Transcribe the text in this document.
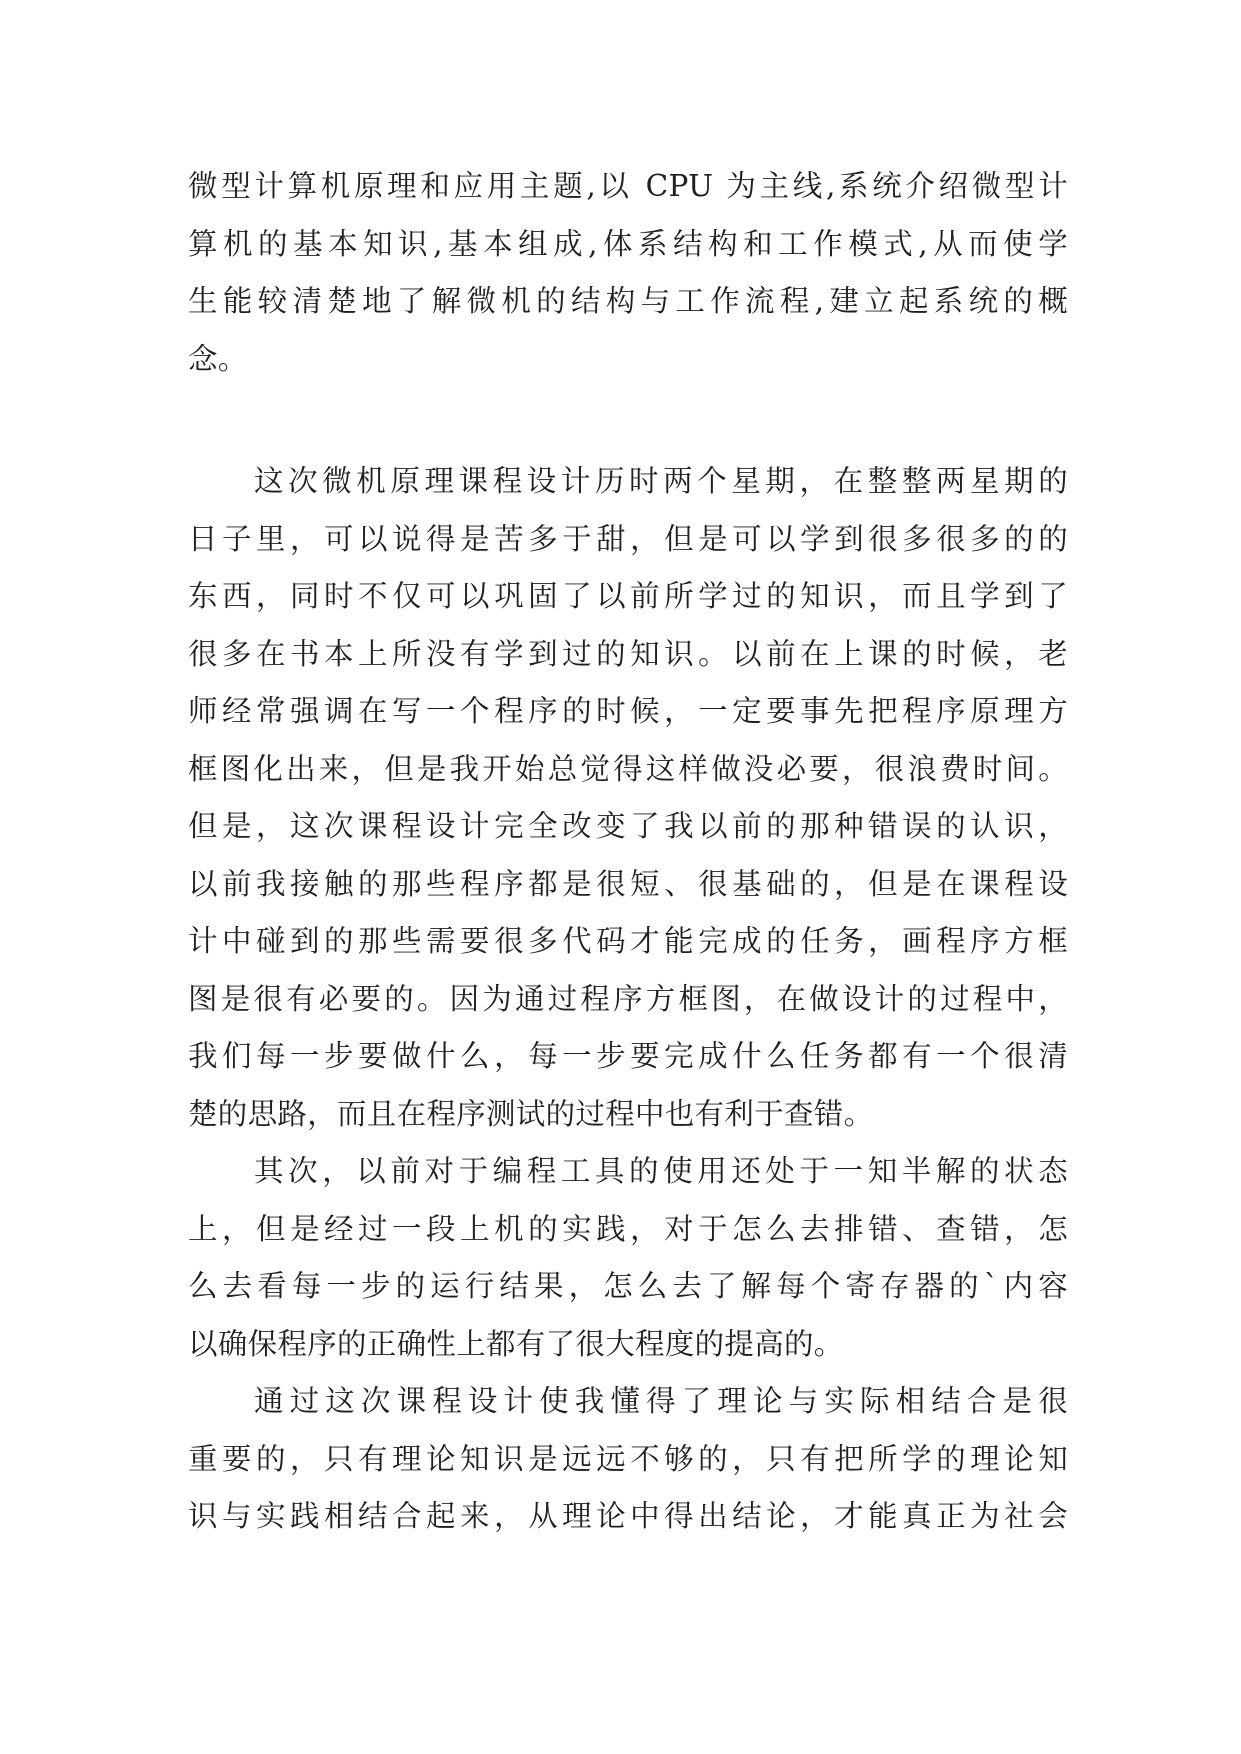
微型计算机原理和应用主题,以 CPU 为主线,系统介绍微型计
算机的基本知识,基本组成,体系结构和工作模式,从而使学
生能较清楚地了解微机的结构与工作流程,建立起系统的概
念。
这次微机原理课程设计历时两个星期，在整整两星期的
日子里，可以说得是苦多于甜，但是可以学到很多很多的的
东西，同时不仅可以巩固了以前所学过的知识，而且学到了
很多在书本上所没有学到过的知识。以前在上课的时候，老
师经常强调在写一个程序的时候，一定要事先把程序原理方
框图化出来，但是我开始总觉得这样做没必要，很浪费时间。
但是，这次课程设计完全改变了我以前的那种错误的认识，
以前我接触的那些程序都是很短、很基础的，但是在课程设
计中碰到的那些需要很多代码才能完成的任务，画程序方框
图是很有必要的。因为通过程序方框图，在做设计的过程中，
我们每一步要做什么，每一步要完成什么任务都有一个很清
楚的思路，而且在程序测试的过程中也有利于查错。
其次，以前对于编程工具的使用还处于一知半解的状态
上，但是经过一段上机的实践，对于怎么去排错、查错，怎
么去看每一步的运行结果，怎么去了解每个寄存器的`内容
以确保程序的正确性上都有了很大程度的提高的。
通过这次课程设计使我懂得了理论与实际相结合是很
重要的，只有理论知识是远远不够的，只有把所学的理论知
识与实践相结合起来，从理论中得出结论，才能真正为社会
